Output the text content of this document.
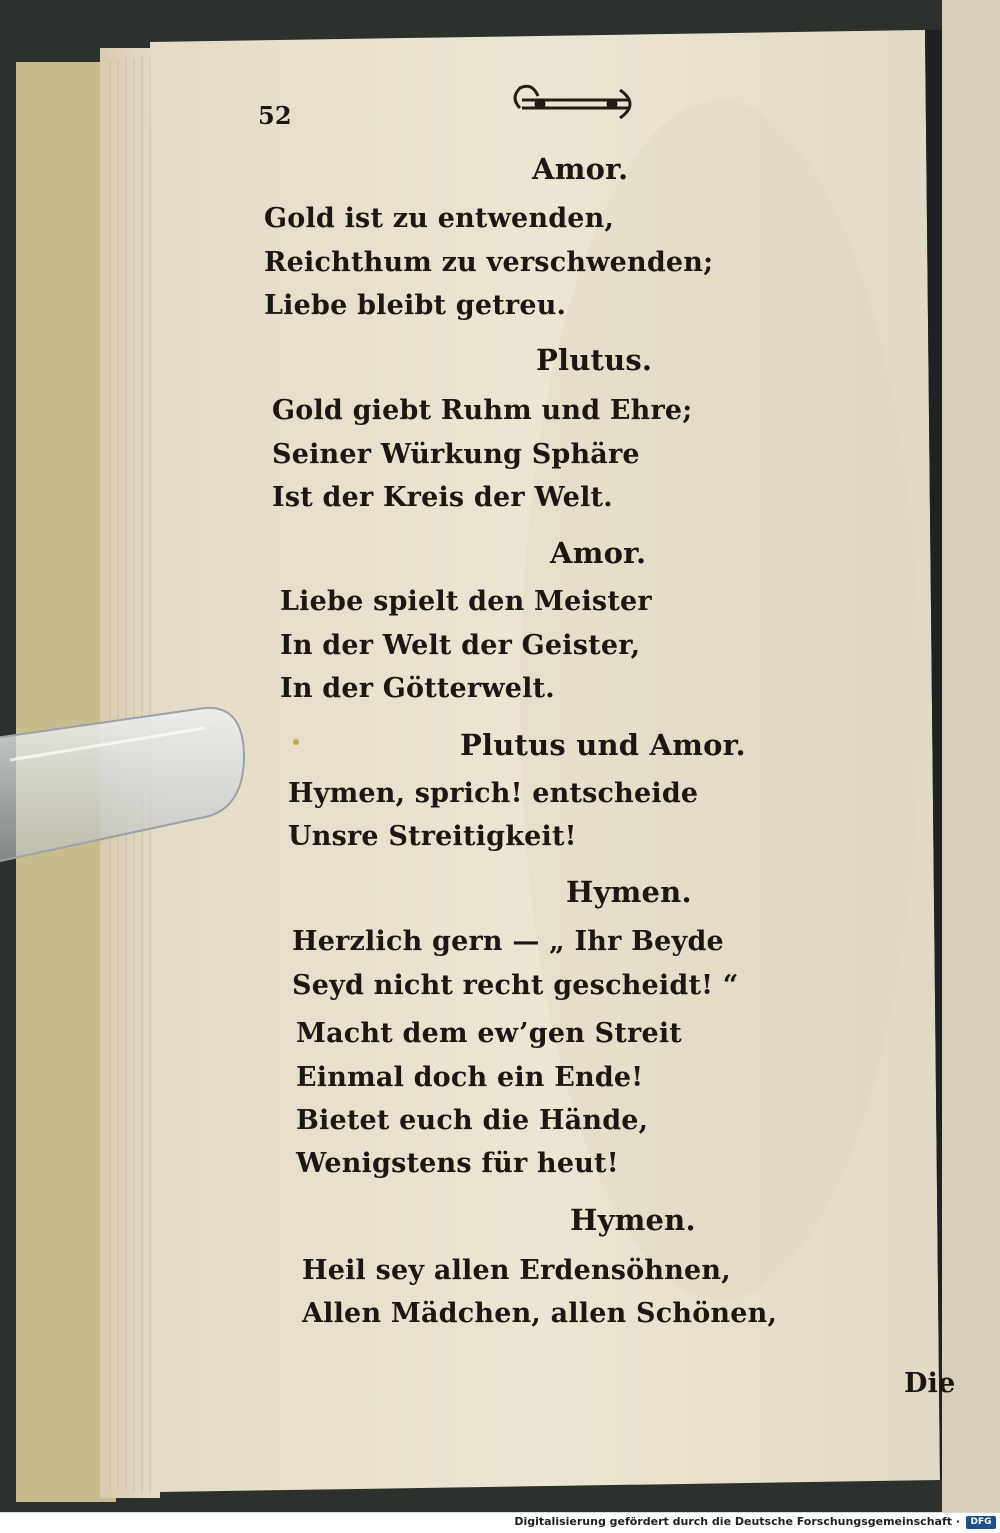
52

Amor.

Gold ist zu entwenden,

Reichthum zu verschwenden;

Liebe bleibt getreu.

Plutus.

Gold giebt Ruhm und Ehre;

Seiner Würkung Sphäre

Ist der Kreis der Welt.

Amor.

Liebe spielt den Meister

In der Welt der Geister,

In der Götterwelt.

Plutus und Amor.

Hymen, sprich! entscheide

Unsre Streitigkeit!

Hymen.

Herzlich gern — „ Ihr Beyde

Seyd nicht recht gescheidt! “

Macht dem ew’gen Streit

Einmal doch ein Ende!

Bietet euch die Hände,

Wenigstens für heut!

Hymen.

Heil sey allen Erdensöhnen,

Allen Mädchen, allen Schönen,

Die

Digitalisierung gefördert durch die Deutsche Forschungsgemeinschaft ·	DFG
